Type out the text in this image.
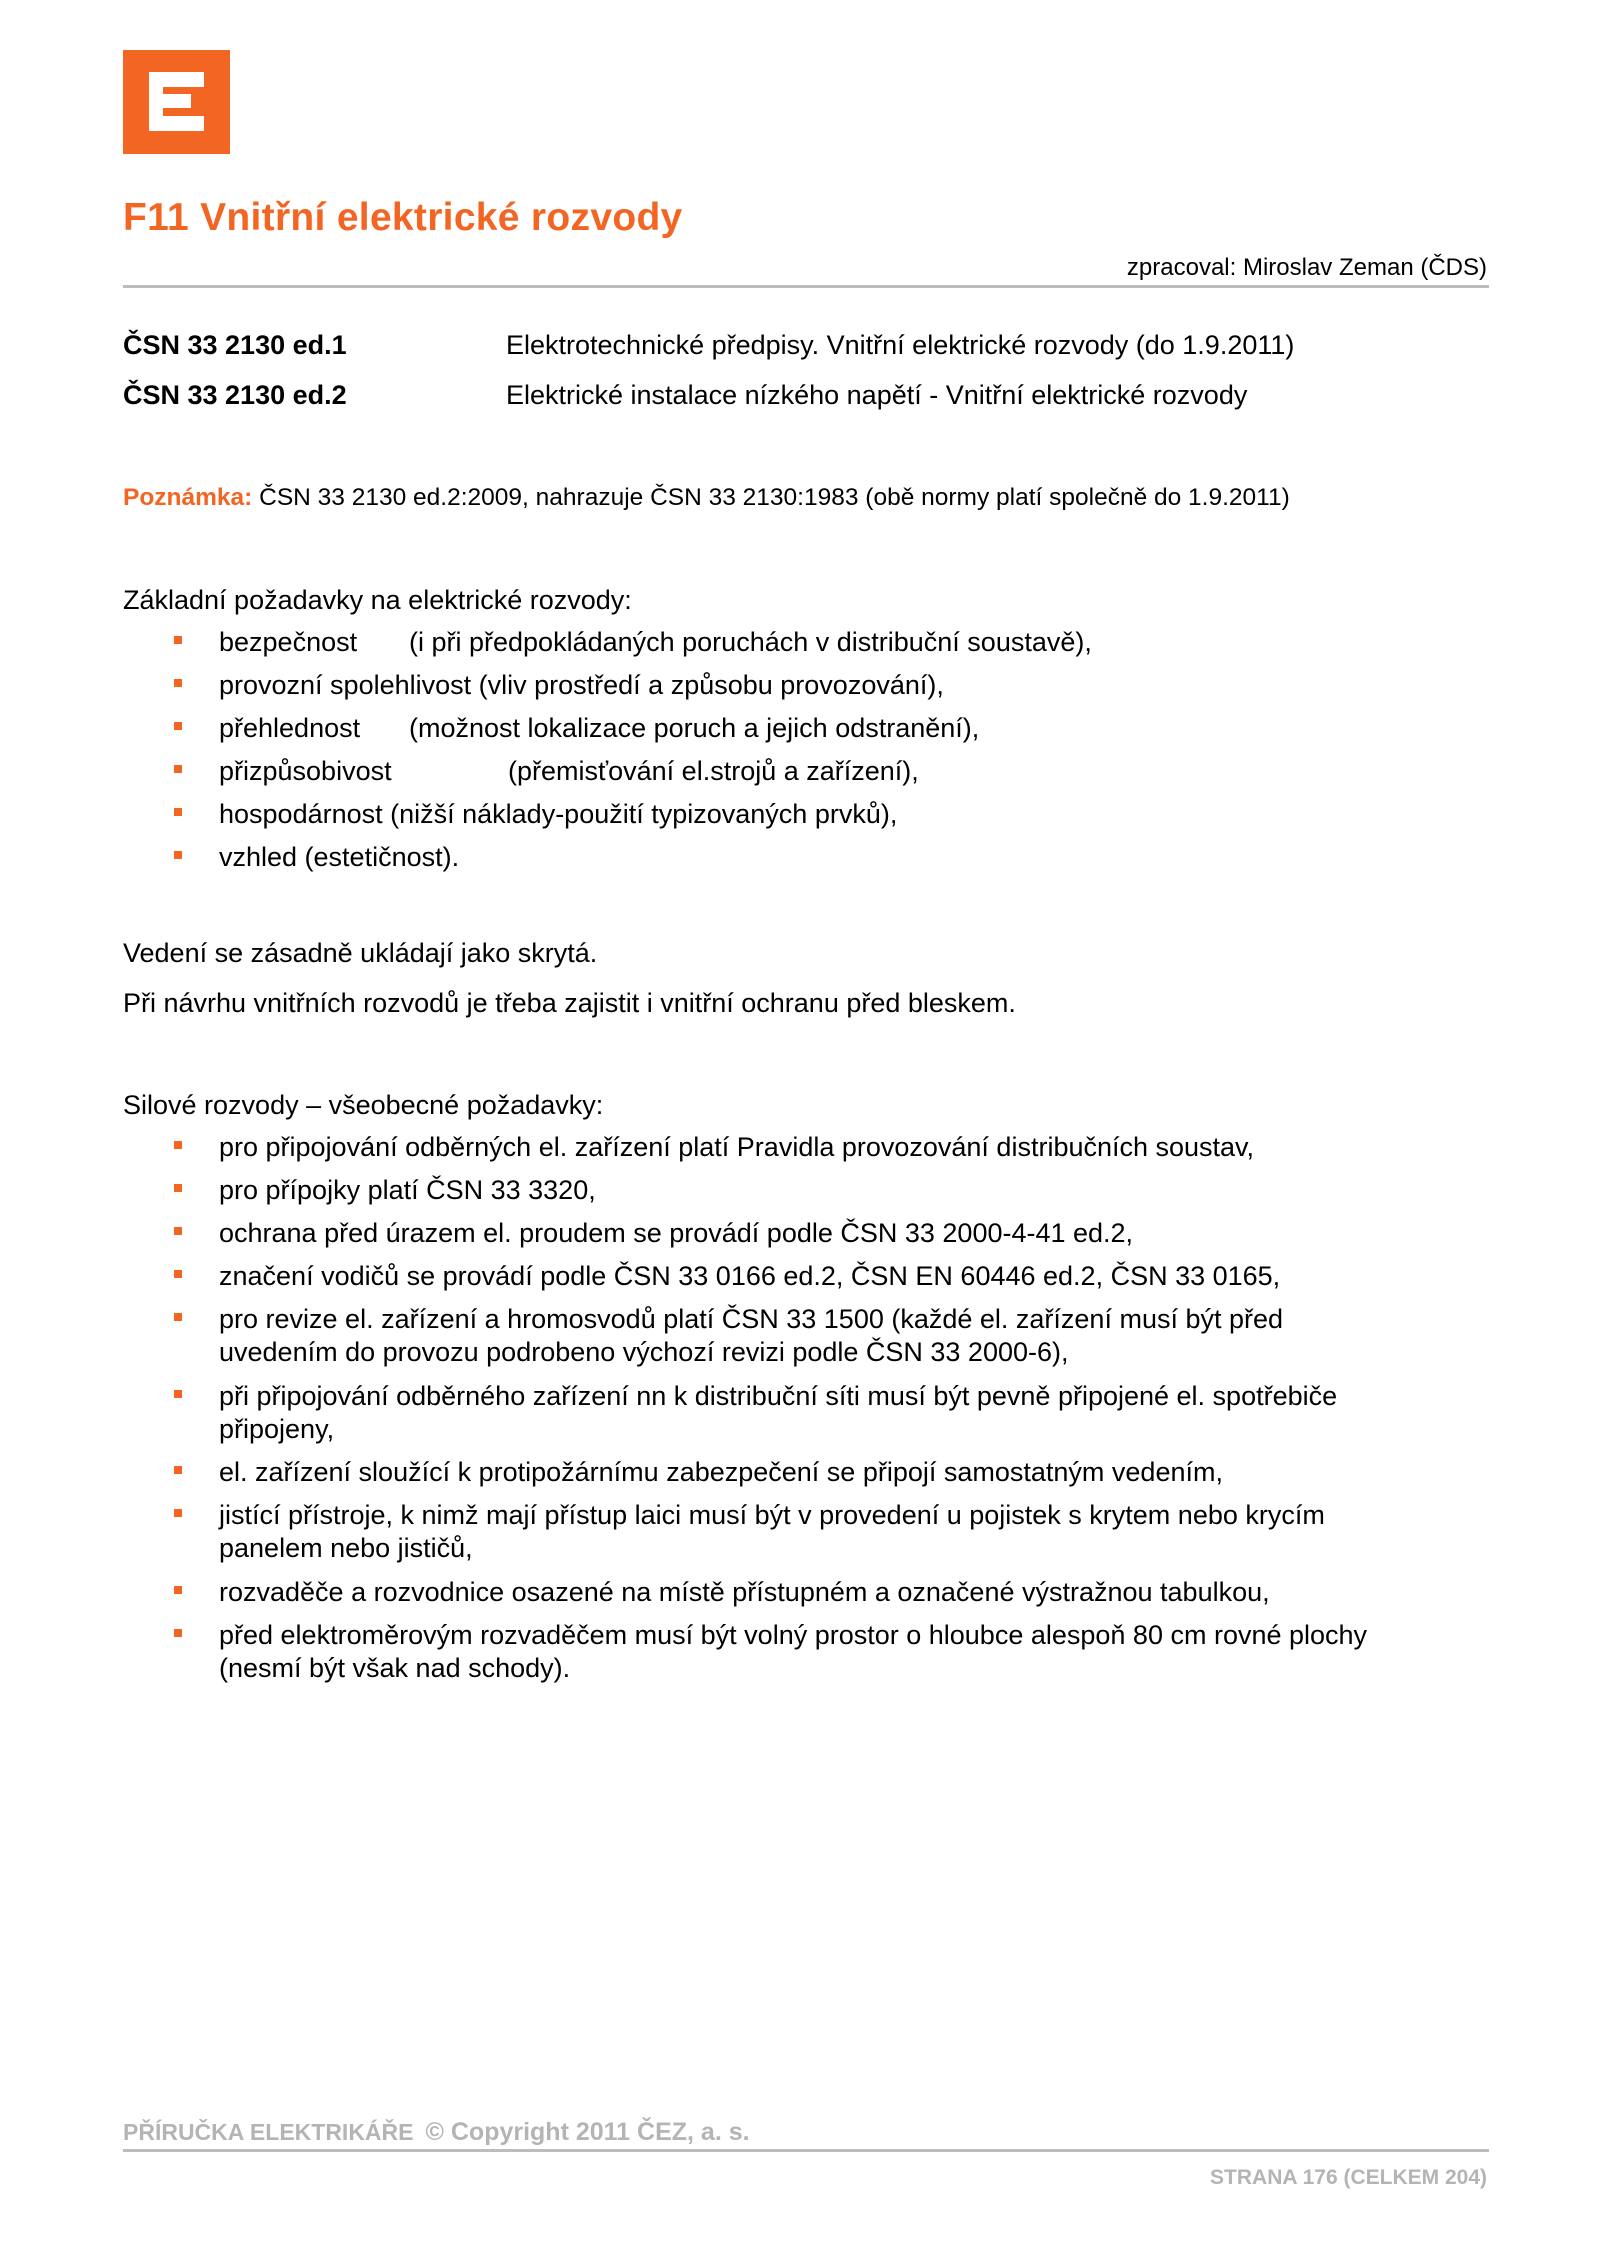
F11 Vnitřní elektrické rozvody
zpracoval: Miroslav Zeman (ČDS)
ČSN 33 2130 ed.1	Elektrotechnické předpisy. Vnitřní elektrické rozvody (do 1.9.2011)
ČSN 33 2130 ed.2	Elektrické instalace nízkého napětí - Vnitřní elektrické rozvody
Poznámka: ČSN 33 2130 ed.2:2009, nahrazuje ČSN 33 2130:1983 (obě normy platí společně do 1.9.2011)
Základní požadavky na elektrické rozvody:
bezpečnost (i při předpokládaných poruchách v distribuční soustavě),
provozní spolehlivost (vliv prostředí a způsobu provozování),
přehlednost (možnost lokalizace poruch a jejich odstranění),
přizpůsobivost	(přemisťování el.strojů a zařízení),
hospodárnost (nižší náklady-použití typizovaných prvků),
vzhled (estetičnost).
Vedení se zásadně ukládají jako skrytá.
Při návrhu vnitřních rozvodů je třeba zajistit i vnitřní ochranu před bleskem.
Silové rozvody – všeobecné požadavky:
pro připojování odběrných el. zařízení platí Pravidla provozování distribučních soustav,
pro přípojky platí ČSN 33 3320,
ochrana před úrazem el. proudem se provádí podle ČSN 33 2000-4-41 ed.2,
značení vodičů se provádí podle ČSN 33 0166 ed.2, ČSN EN 60446 ed.2, ČSN 33 0165,
pro revize el. zařízení a hromosvodů platí ČSN 33 1500 (každé el. zařízení musí být před
uvedením do provozu podrobeno výchozí revizi podle ČSN 33 2000-6),
při připojování odběrného zařízení nn k distribuční síti musí být pevně připojené el. spotřebiče
připojeny,
el. zařízení sloužící k protipožárnímu zabezpečení se připojí samostatným vedením,
jistící přístroje, k nimž mají přístup laici musí být v provedení u pojistek s krytem nebo krycím
panelem nebo jističů,
rozvaděče a rozvodnice osazené na místě přístupném a označené výstražnou tabulkou,
před elektroměrovým rozvaděčem musí být volný prostor o hloubce alespoň 80 cm rovné plochy
(nesmí být však nad schody).
PŘÍRUČKA ELEKTRIKÁŘE © Copyright 2011 ČEZ, a. s.
STRANA 176 (CELKEM 204)
